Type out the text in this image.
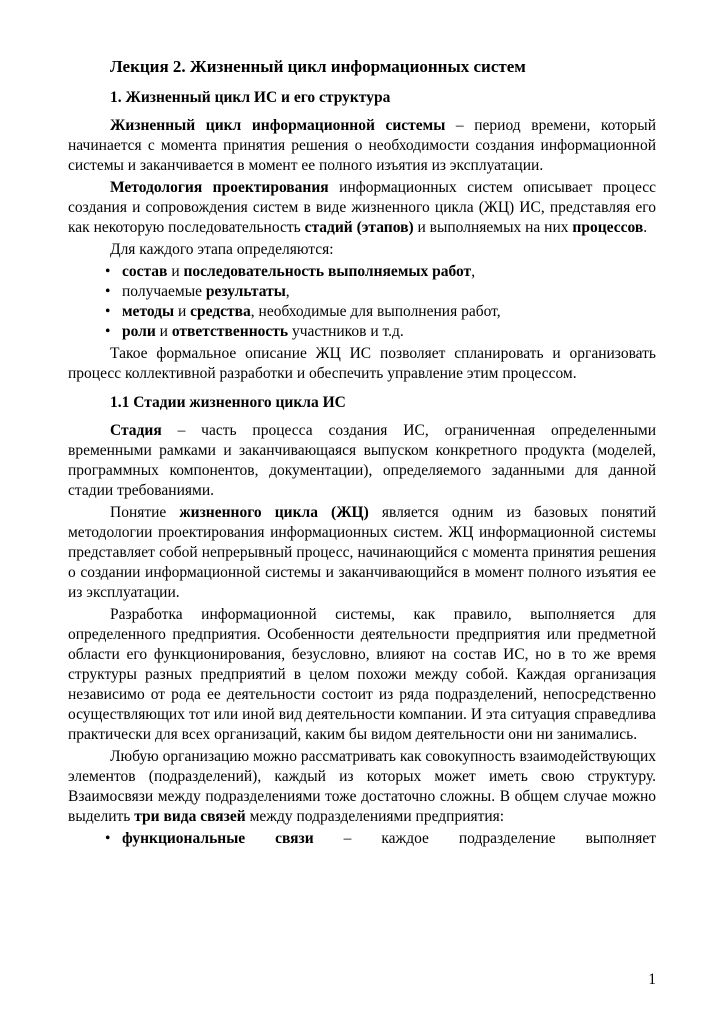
Лекция 2. Жизненный цикл информационных систем

1. Жизненный цикл ИС и его структура

Жизненный цикл информационной системы – период времени, который начинается с момента принятия решения о необходимости создания информационной системы и заканчивается в момент ее полного изъятия из эксплуатации.

Методология проектирования информационных систем описывает процесс создания и сопровождения систем в виде жизненного цикла (ЖЦ) ИС, представляя его как некоторую последовательность стадий (этапов) и выполняемых на них процессов.

Для каждого этапа определяются:

• состав и последовательность выполняемых работ,

• получаемые результаты,

• методы и средства, необходимые для выполнения работ,

• роли и ответственность участников и т.д.

Такое формальное описание ЖЦ ИС позволяет спланировать и организовать процесс коллективной разработки и обеспечить управление этим процессом.

1.1 Стадии жизненного цикла ИС

Стадия – часть процесса создания ИС, ограниченная определенными временными рамками и заканчивающаяся выпуском конкретного продукта (моделей, программных компонентов, документации), определяемого заданными для данной стадии требованиями.

Понятие жизненного цикла (ЖЦ) является одним из базовых понятий методологии проектирования информационных систем. ЖЦ информационной системы представляет собой непрерывный процесс, начинающийся с момента принятия решения о создании информационной системы и заканчивающийся в момент полного изъятия ее из эксплуатации.

Разработка информационной системы, как правило, выполняется для определенного предприятия. Особенности деятельности предприятия или предметной области его функционирования, безусловно, влияют на состав ИС, но в то же время структуры разных предприятий в целом похожи между собой. Каждая организация независимо от рода ее деятельности состоит из ряда подразделений, непосредственно осуществляющих тот или иной вид деятельности компании. И эта ситуация справедлива практически для всех организаций, каким бы видом деятельности они ни занимались.

Любую организацию можно рассматривать как совокупность взаимодействующих элементов (подразделений), каждый из которых может иметь свою структуру. Взаимосвязи между подразделениями тоже достаточно сложны. В общем случае можно выделить три вида связей между подразделениями предприятия:

• функциональные связи – каждое подразделение выполняет

1
